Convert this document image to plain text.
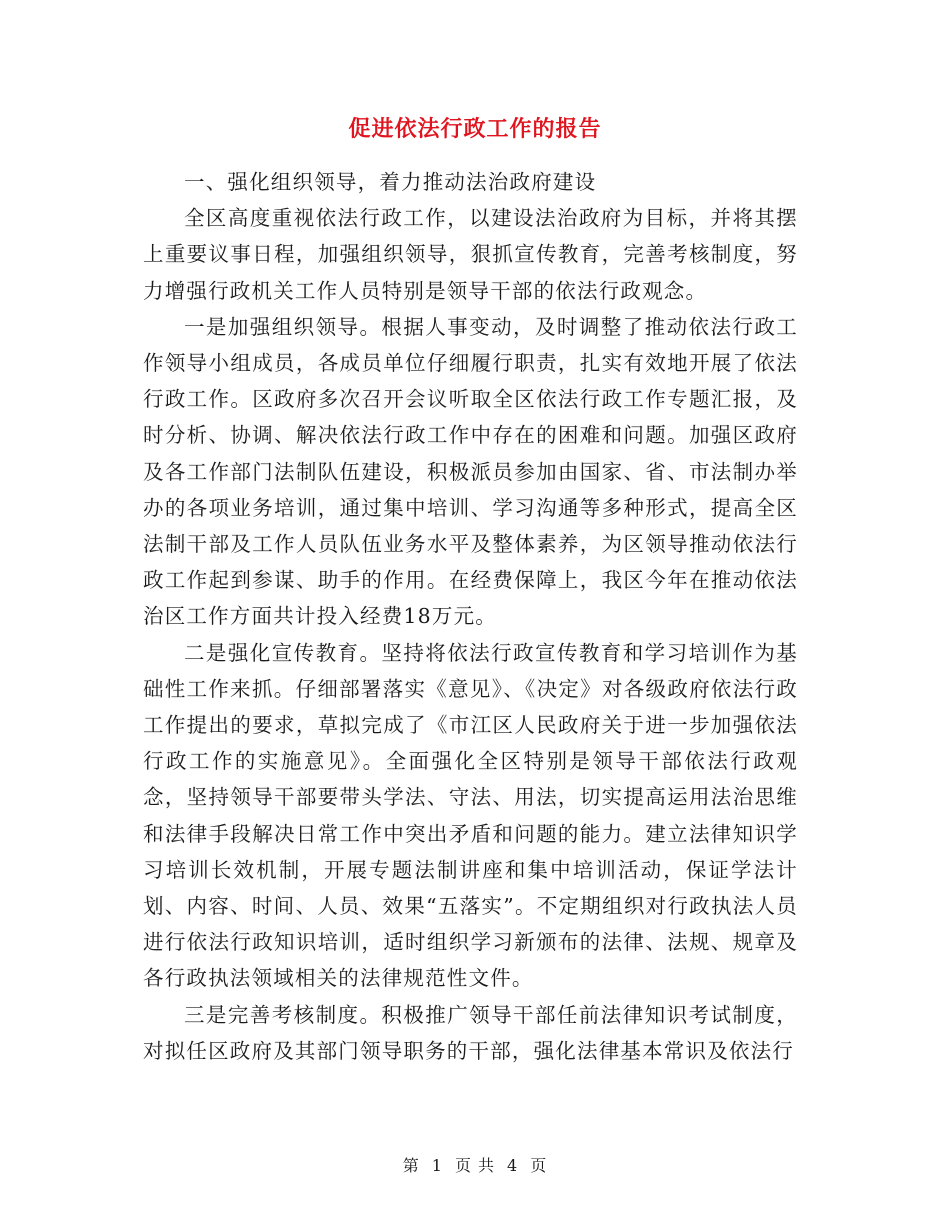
促进依法行政工作的报告

一、强化组织领导，着力推动法治政府建设

全区高度重视依法行政工作，以建设法治政府为目标，并将其摆上重要议事日程，加强组织领导，狠抓宣传教育，完善考核制度，努力增强行政机关工作人员特别是领导干部的依法行政观念。

一是加强组织领导。根据人事变动，及时调整了推动依法行政工作领导小组成员，各成员单位仔细履行职责，扎实有效地开展了依法行政工作。区政府多次召开会议听取全区依法行政工作专题汇报，及时分析、协调、解决依法行政工作中存在的困难和问题。加强区政府及各工作部门法制队伍建设，积极派员参加由国家、省、市法制办举办的各项业务培训，通过集中培训、学习沟通等多种形式，提高全区法制干部及工作人员队伍业务水平及整体素养，为区领导推动依法行政工作起到参谋、助手的作用。在经费保障上，我区今年在推动依法治区工作方面共计投入经费18万元。

二是强化宣传教育。坚持将依法行政宣传教育和学习培训作为基础性工作来抓。仔细部署落实《意见》、《决定》对各级政府依法行政工作提出的要求，草拟完成了《市江区人民政府关于进一步加强依法行政工作的实施意见》。全面强化全区特别是领导干部依法行政观念，坚持领导干部要带头学法、守法、用法，切实提高运用法治思维和法律手段解决日常工作中突出矛盾和问题的能力。建立法律知识学习培训长效机制，开展专题法制讲座和集中培训活动，保证学法计划、内容、时间、人员、效果“五落实”。不定期组织对行政执法人员进行依法行政知识培训，适时组织学习新颁布的法律、法规、规章及各行政执法领域相关的法律规范性文件。

三是完善考核制度。积极推广领导干部任前法律知识考试制度，对拟任区政府及其部门领导职务的干部，强化法律基本常识及依法行

第 1 页 共 4 页
